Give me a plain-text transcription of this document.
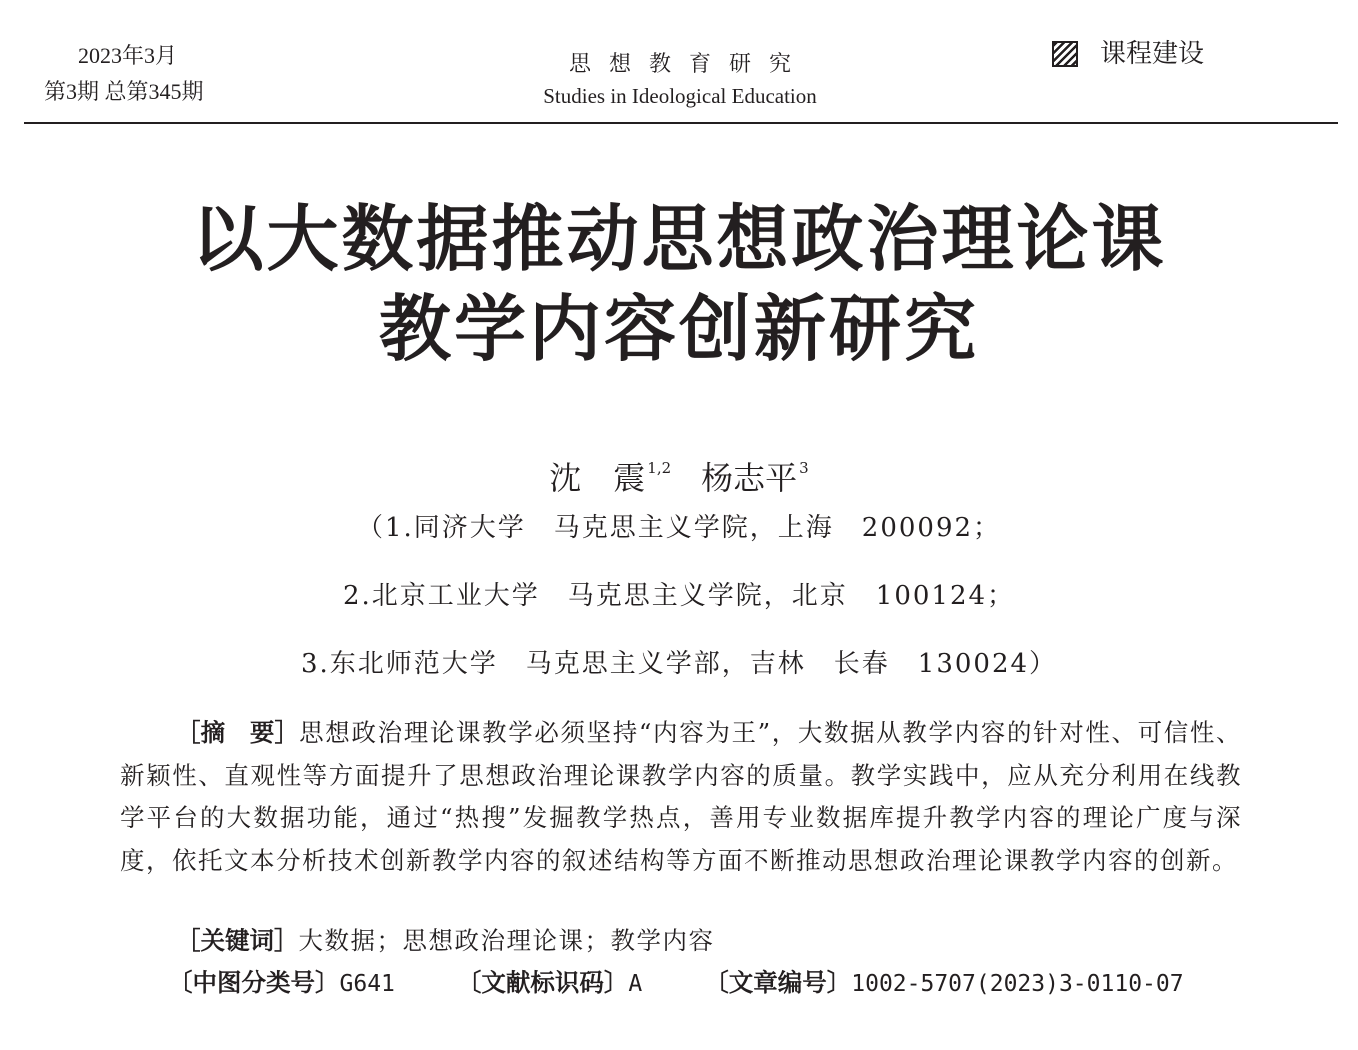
2023年3月
第3期 总第345期
思想教育研究
Studies in Ideological Education
课程建设
以大数据推动思想政治理论课
教学内容创新研究
沈　震 $^{1,2}$ 杨志平 $^3$
（1.同济大学　马克思主义学院，上海　200092；
2.北京工业大学　马克思主义学院，北京　100124；
3.东北师范大学　马克思主义学部，吉林　长春　130024）
［摘　要］思想政治理论课教学必须坚持“内容为王”，大数据从教学内容的针对性、可信性、新颖性、直观性等方面提升了思想政治理论课教学内容的质量。教学实践中，应从充分利用在线教学平台的大数据功能，通过“热搜”发掘教学热点，善用专业数据库提升教学内容的理论广度与深度，依托文本分析技术创新教学内容的叙述结构等方面不断推动思想政治理论课教学内容的创新。
［关键词］大数据；思想政治理论课；教学内容
〔中图分类号〕G641	〔文献标识码〕A	〔文章编号〕1002-5707(2023)3-0110-07
